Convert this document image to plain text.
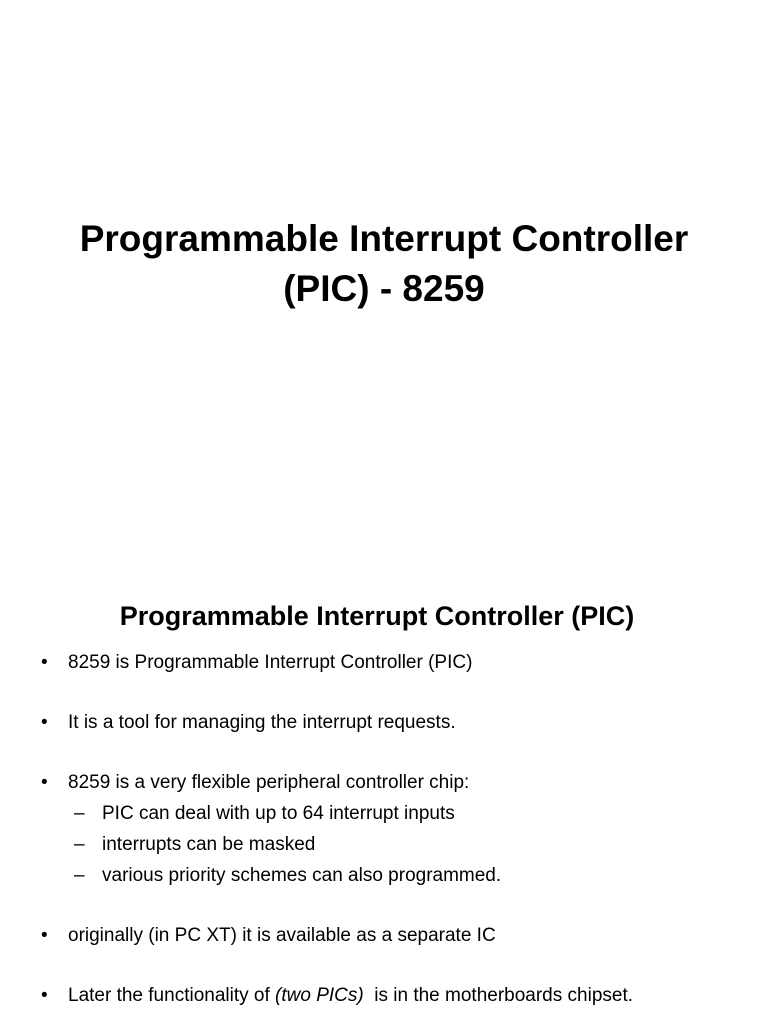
Programmable Interrupt Controller
(PIC) - 8259
Programmable Interrupt Controller (PIC)
• 8259 is Programmable Interrupt Controller (PIC)
• It is a tool for managing the interrupt requests.
• 8259 is a very flexible peripheral controller chip:
– PIC can deal with up to 64 interrupt inputs
– interrupts can be masked
– various priority schemes can also programmed.
• originally (in PC XT) it is available as a separate IC
• Later the functionality of (two PICs)  is in the motherboards chipset.
